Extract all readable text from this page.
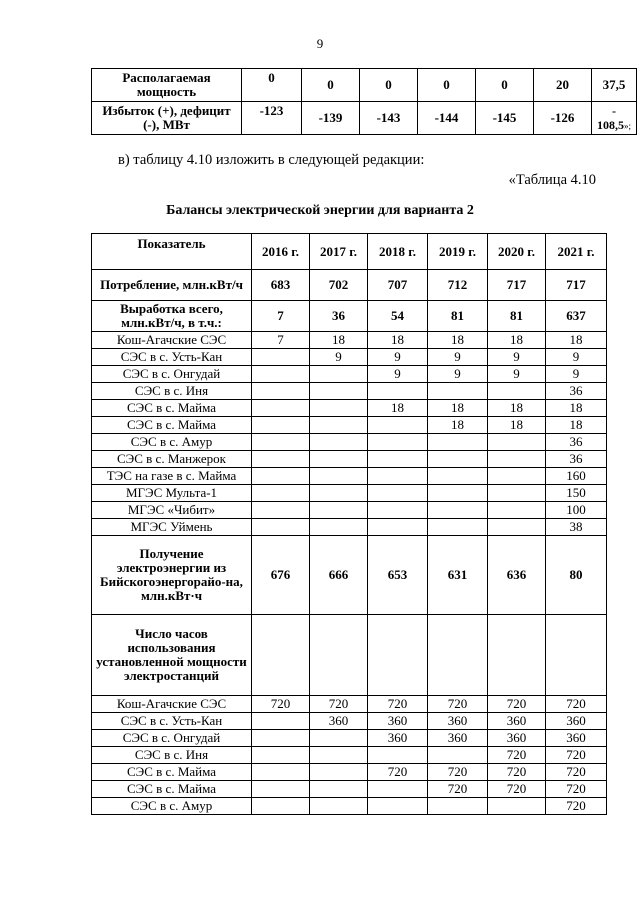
9
Располагаемая мощность	0	0	0	0	0	20	37,5
Избыток (+), дефицит (-), МВт	-123	-139	-143	-144	-145	-126	-
108,5»;
в) таблицу 4.10 изложить в следующей редакции:
«Таблица 4.10
Балансы электрической энергии для варианта 2
Показатель	2016 г.	2017 г.	2018 г.	2019 г.	2020 г.	2021 г.
Потребление, млн.кВт/ч	683	702	707	712	717	717
Выработка всего, млн.кВт/ч, в т.ч.:	7	36	54	81	81	637
Кош-Агачские СЭС	7	18	18	18	18	18
СЭС в с. Усть-Кан		9	9	9	9	9
СЭС в с. Онгудай			9	9	9	9
СЭС в с. Иня						36
СЭС в с. Майма			18	18	18	18
СЭС в с. Майма				18	18	18
СЭС в с. Амур						36
СЭС в с. Манжерок						36
ТЭС на газе в с. Майма						160
МГЭС Мульта-1						150
МГЭС «Чибит»						100
МГЭС Уймень						38
Получение электроэнергии из Бийскогоэнергорайо-на, млн.кВт·ч	676	666	653	631	636	80
Число часов использования установленной мощности электростанций						
Кош-Агачские СЭС	720	720	720	720	720	720
СЭС в с. Усть-Кан		360	360	360	360	360
СЭС в с. Онгудай			360	360	360	360
СЭС в с. Иня					720	720
СЭС в с. Майма			720	720	720	720
СЭС в с. Майма				720	720	720
СЭС в с. Амур						720
